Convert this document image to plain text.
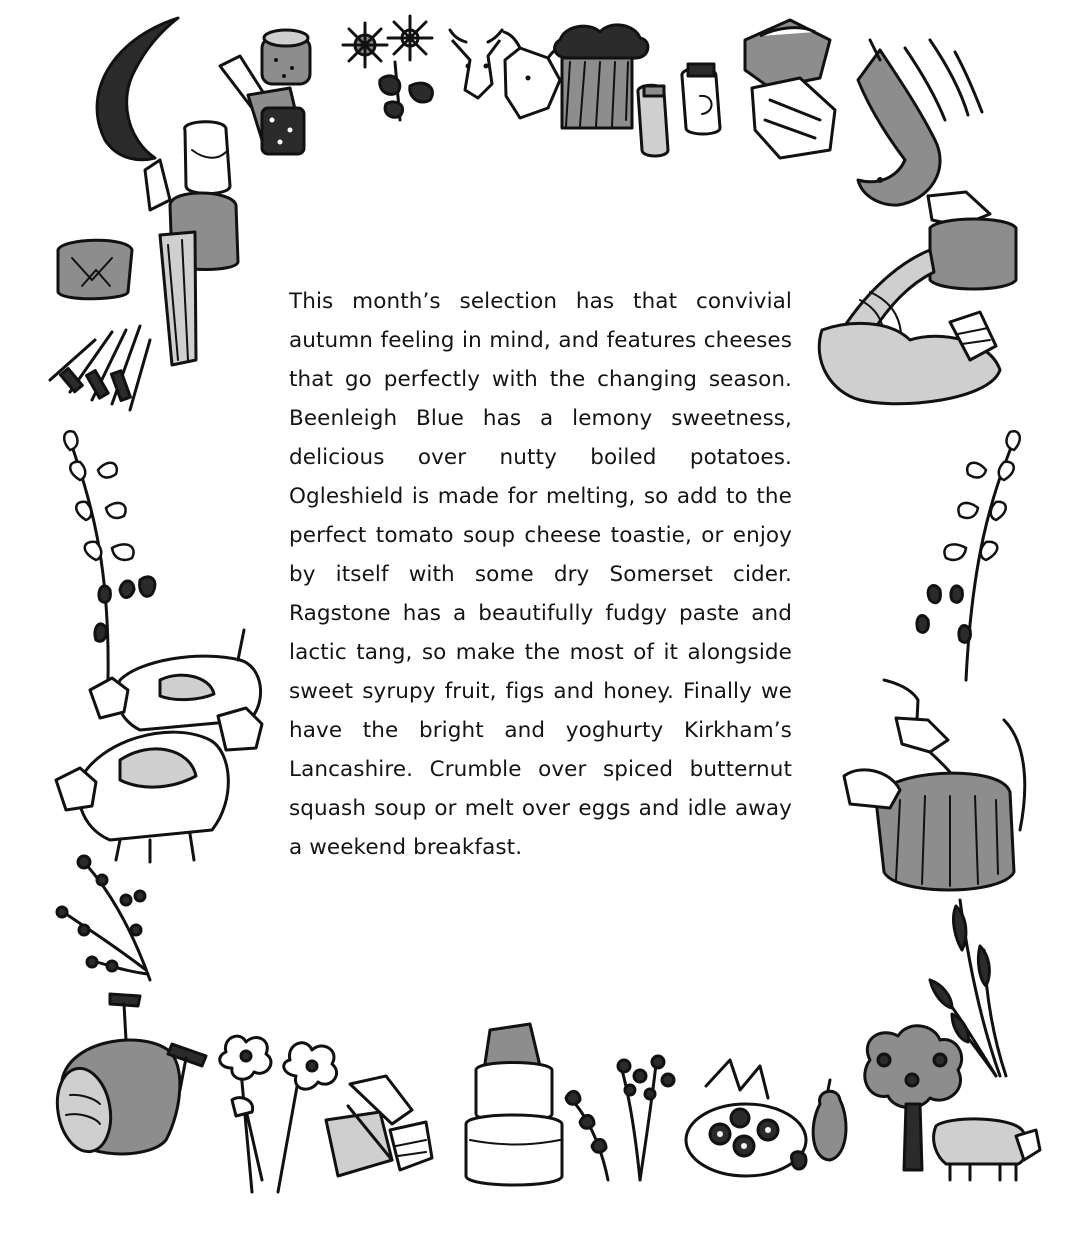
This month’s selection has that convivial autumn feeling in mind, and features cheeses that go perfectly with the changing season. Beenleigh Blue has a lemony sweetness, delicious over nutty boiled potatoes. Ogleshield is made for melting, so add to the perfect tomato soup cheese toastie, or enjoy by itself with some dry Somerset cider. Ragstone has a beautifully fudgy paste and lactic tang, so make the most of it alongside sweet syrupy fruit, figs and honey. Finally we have the bright and yoghurty Kirkham’s Lancashire. Crumble over spiced butternut squash soup or melt over eggs and idle away a weekend breakfast.
